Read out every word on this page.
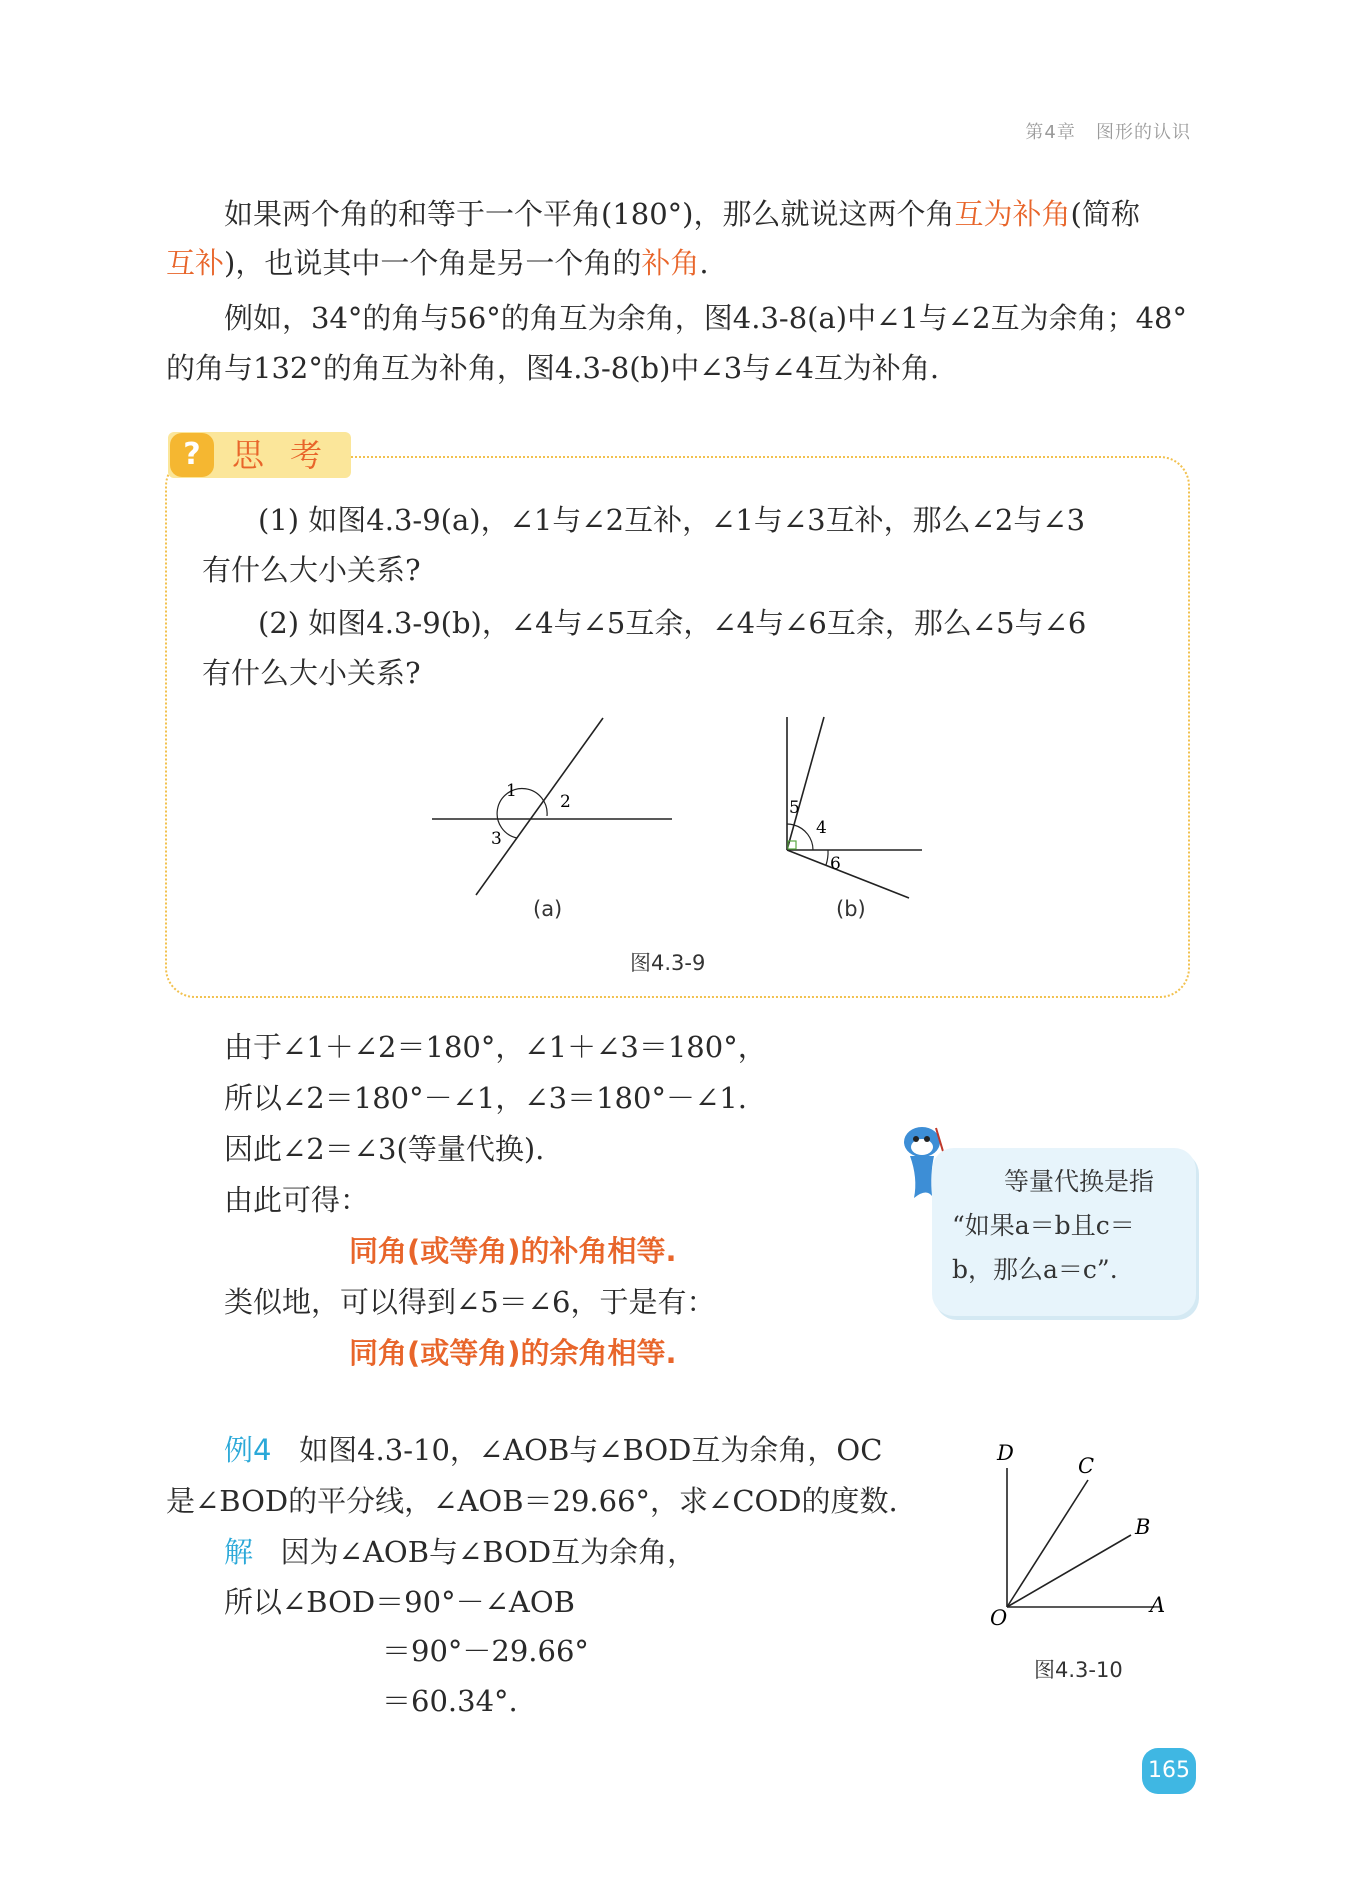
第4章 图形的认识
如果两个角的和等于一个平角(180°)，那么就说这两个角互为补角(简称
互补)，也说其中一个角是另一个角的补角.
例如，34°的角与56°的角互为余角，图4.3-8(a)中∠1与∠2互为余角；48°
的角与132°的角互为补角，图4.3-8(b)中∠3与∠4互为补角.
? 思考
(1) 如图4.3-9(a)，∠1与∠2互补，∠1与∠3互补，那么∠2与∠3
有什么大小关系?
(2) 如图4.3-9(b)，∠4与∠5互余，∠4与∠6互余，那么∠5与∠6
有什么大小关系?
1
2
3
5
4
6
(a)	(b)
图4.3-9
由于∠1＋∠2＝180°，∠1＋∠3＝180°，
所以∠2＝180°－∠1，∠3＝180°－∠1.
因此∠2＝∠3(等量代换).
由此可得：
同角(或等角)的补角相等.
类似地，可以得到∠5＝∠6，于是有：
同角(或等角)的余角相等.
等量代换是指
“如果a＝b且c＝
b，那么a＝c”.
例4 如图4.3-10，∠AOB与∠BOD互为余角，OC
是∠BOD的平分线，∠AOB＝29.66°，求∠COD的度数.
解 因为∠AOB与∠BOD互为余角，
所以∠BOD＝90°－∠AOB
＝90°－29.66°
＝60.34°.
D
C
B
A
O
图4.3-10
165
